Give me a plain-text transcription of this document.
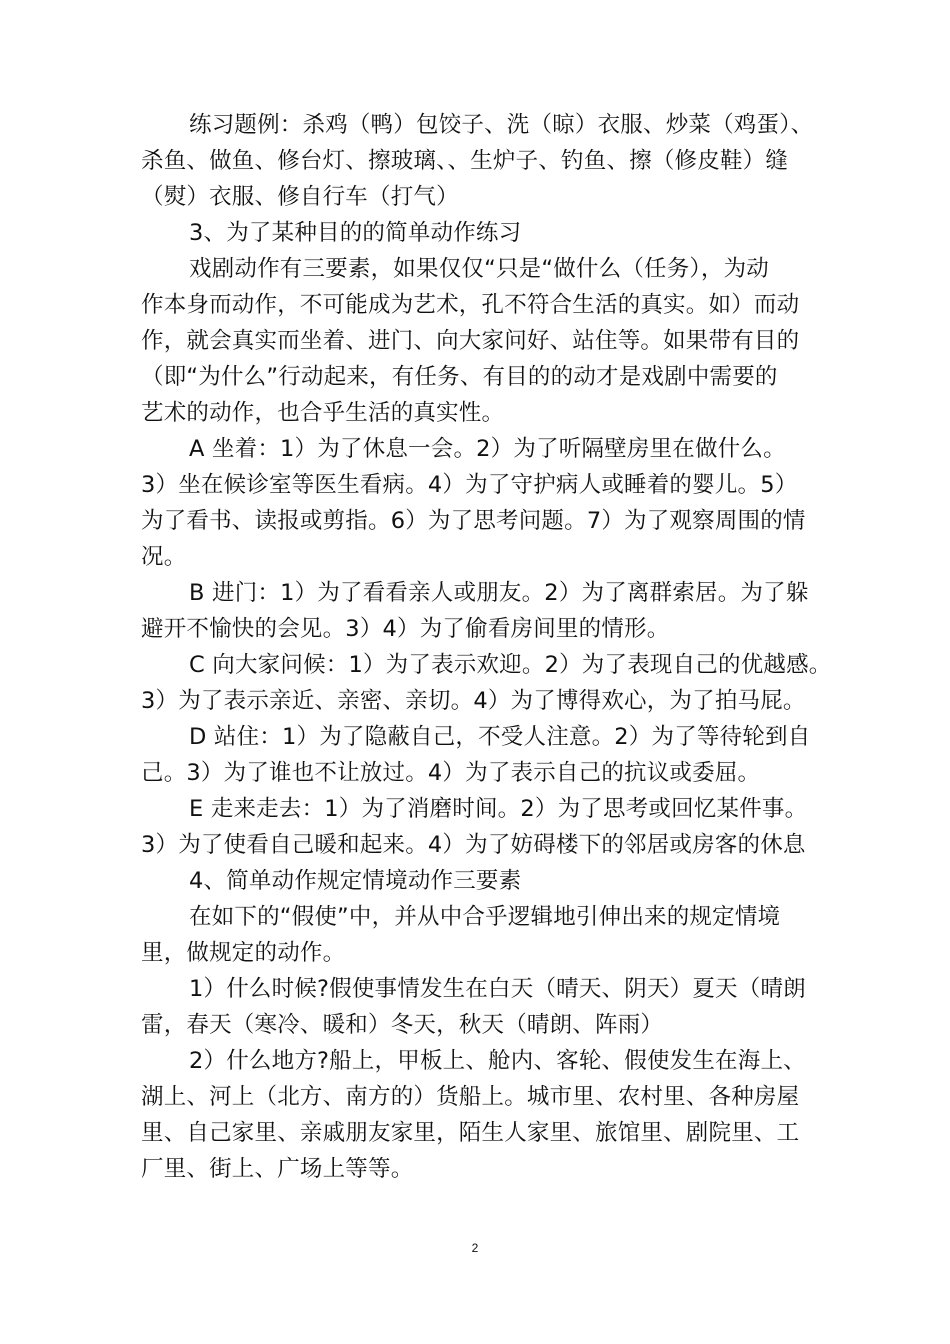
练习题例：杀鸡（鸭）包饺子、洗（晾）衣服、炒菜（鸡蛋）、
杀鱼、做鱼、修台灯、擦玻璃、、生炉子、钓鱼、擦（修皮鞋）缝
（熨）衣服、修自行车（打气）
3、为了某种目的的简单动作练习
戏剧动作有三要素，如果仅仅“只是“做什么（任务），为动
作本身而动作，不可能成为艺术，孔不符合生活的真实。如）而动
作，就会真实而坐着、进门、向大家问好、站住等。如果带有目的
（即“为什么”行动起来，有任务、有目的的动才是戏剧中需要的
艺术的动作，也合乎生活的真实性。
A 坐着：1）为了休息一会。2）为了听隔壁房里在做什么。
3）坐在候诊室等医生看病。4）为了守护病人或睡着的婴儿。5）
为了看书、读报或剪指。6）为了思考问题。7）为了观察周围的情
况。
B 进门：1）为了看看亲人或朋友。2）为了离群索居。为了躲
避开不愉快的会见。3）4）为了偷看房间里的情形。
C 向大家问候：1）为了表示欢迎。2）为了表现自己的优越感。
3）为了表示亲近、亲密、亲切。4）为了博得欢心，为了拍马屁。
D 站住：1）为了隐蔽自己，不受人注意。2）为了等待轮到自
己。3）为了谁也不让放过。4）为了表示自己的抗议或委屈。
E 走来走去：1）为了消磨时间。2）为了思考或回忆某件事。
3）为了使看自己暖和起来。4）为了妨碍楼下的邻居或房客的休息
4、简单动作规定情境动作三要素
在如下的“假使”中，并从中合乎逻辑地引伸出来的规定情境
里，做规定的动作。
1）什么时候?假使事情发生在白天（晴天、阴天）夏天（晴朗
雷，春天（寒冷、暖和）冬天，秋天（晴朗、阵雨）
2）什么地方?船上，甲板上、舱内、客轮、假使发生在海上、
湖上、河上（北方、南方的）货船上。城市里、农村里、各种房屋
里、自己家里、亲戚朋友家里，陌生人家里、旅馆里、剧院里、工
厂里、街上、广场上等等。
2
